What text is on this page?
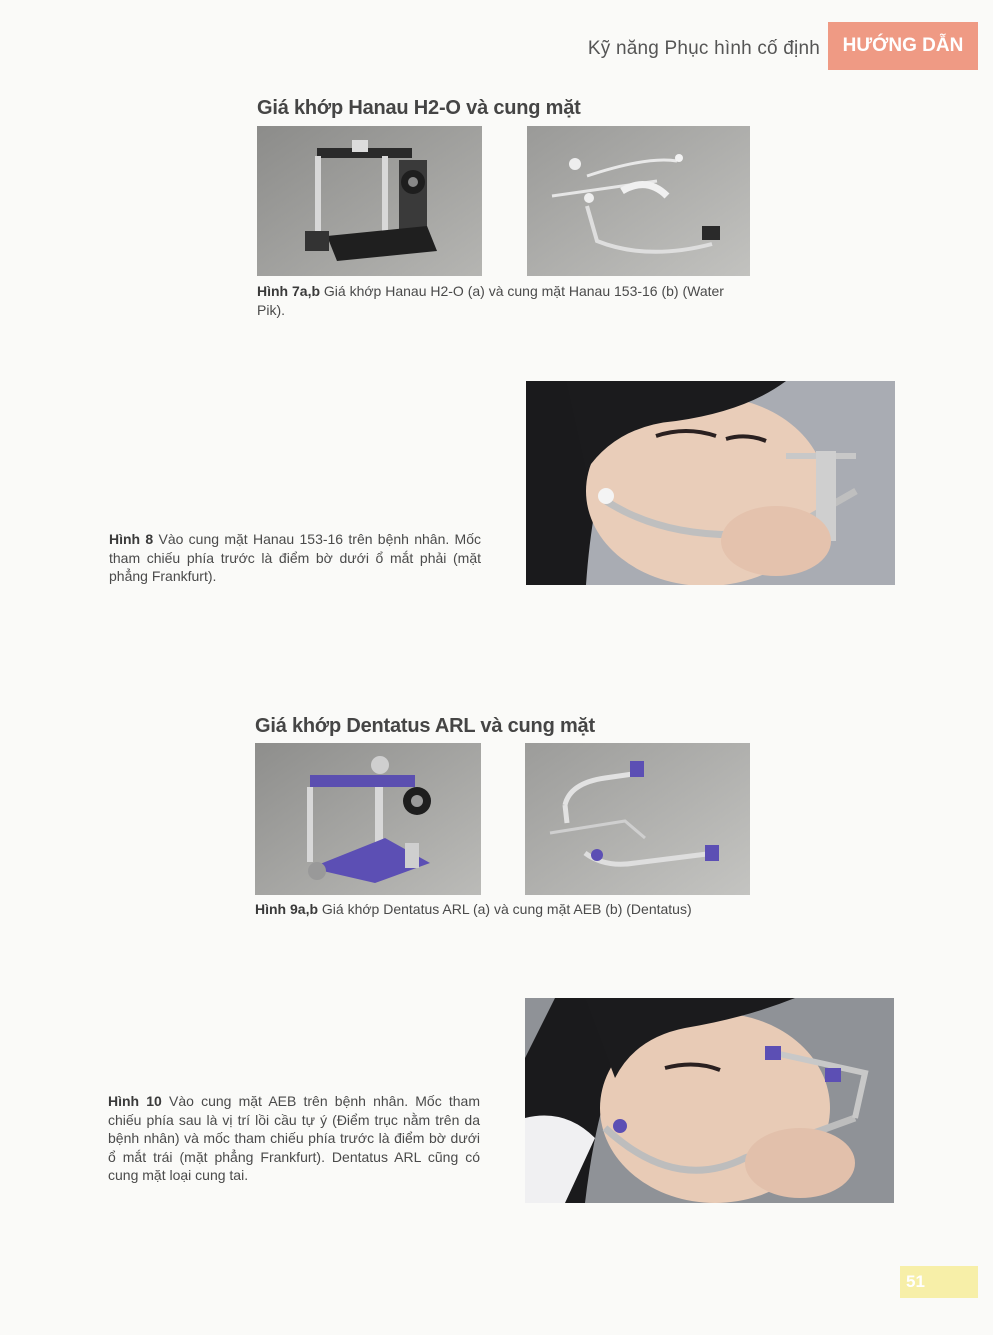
Kỹ năng Phục hình cố định	HƯỚNG DẪN
Giá khớp Hanau H2-O và cung mặt
Hình 7a,b Giá khớp Hanau H2-O (a) và cung mặt Hanau 153-16 (b) (Water Pik).
Hình 8 Vào cung mặt Hanau 153-16 trên bệnh nhân. Mốc tham chiếu phía trước là điểm bờ dưới ổ mắt phải (mặt phẳng Frankfurt).
Giá khớp Dentatus ARL và cung mặt
Hình 9a,b Giá khớp Dentatus ARL (a) và cung mặt AEB (b) (Dentatus)
Hình 10 Vào cung mặt AEB trên bệnh nhân. Mốc tham chiếu phía sau là vị trí lồi cầu tự ý (Điểm trục nằm trên da bệnh nhân) và mốc tham chiếu phía trước là điểm bờ dưới ổ mắt trái (mặt phẳng Frankfurt). Dentatus ARL cũng có cung mặt loại cung tai.
51
